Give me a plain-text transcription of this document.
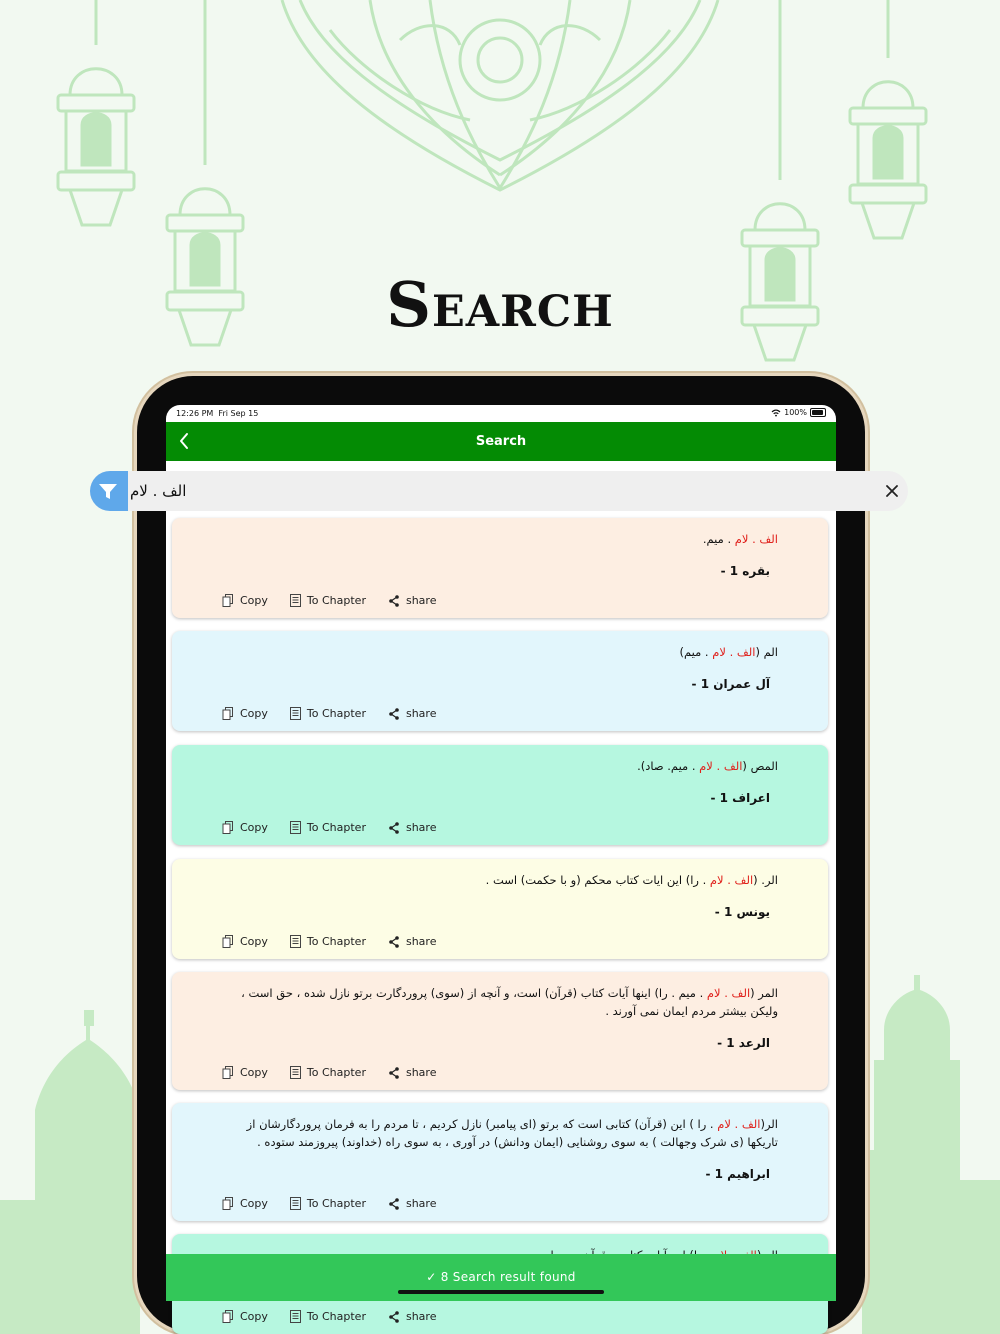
Search
12:26 PM Fri Sep 15	100%
Search
الف . لام . میم.
بقره 1 -
Copy	To Chapter	share
الم (الف . لام . میم)
آل عمران 1 -
Copy	To Chapter	share
المص (الف . لام . میم. صاد).
اعراف 1 -
Copy	To Chapter	share
الر. (الف . لام . را) این ایات کتاب محکم (و با حکمت) است .
یونس 1 -
Copy	To Chapter	share
المر (الف . لام . میم . را) اینها آیات کتاب (قرآن) است، و آنچه از (سوی) پروردگارت برتو نازل شده ، حق است ، ولیکن بیشتر مردم ایمان نمی آورند .
الرعد 1 -
Copy	To Chapter	share
الر(الف . لام . را ) این (قرآن) کتابی است که برتو (ای پیامبر) نازل کردیم ، تا مردم را به فرمان پروردگارشان از تاریکها (ی شرک وجهالت ) به سوی روشنایی (ایمان ودانش) در آوری ، به سوی راه (خداوند) پیروزمند ستوده .
ابراهیم 1 -
Copy	To Chapter	share
Copy	To Chapter	share
✓ 8 Search result found
الف . لام
